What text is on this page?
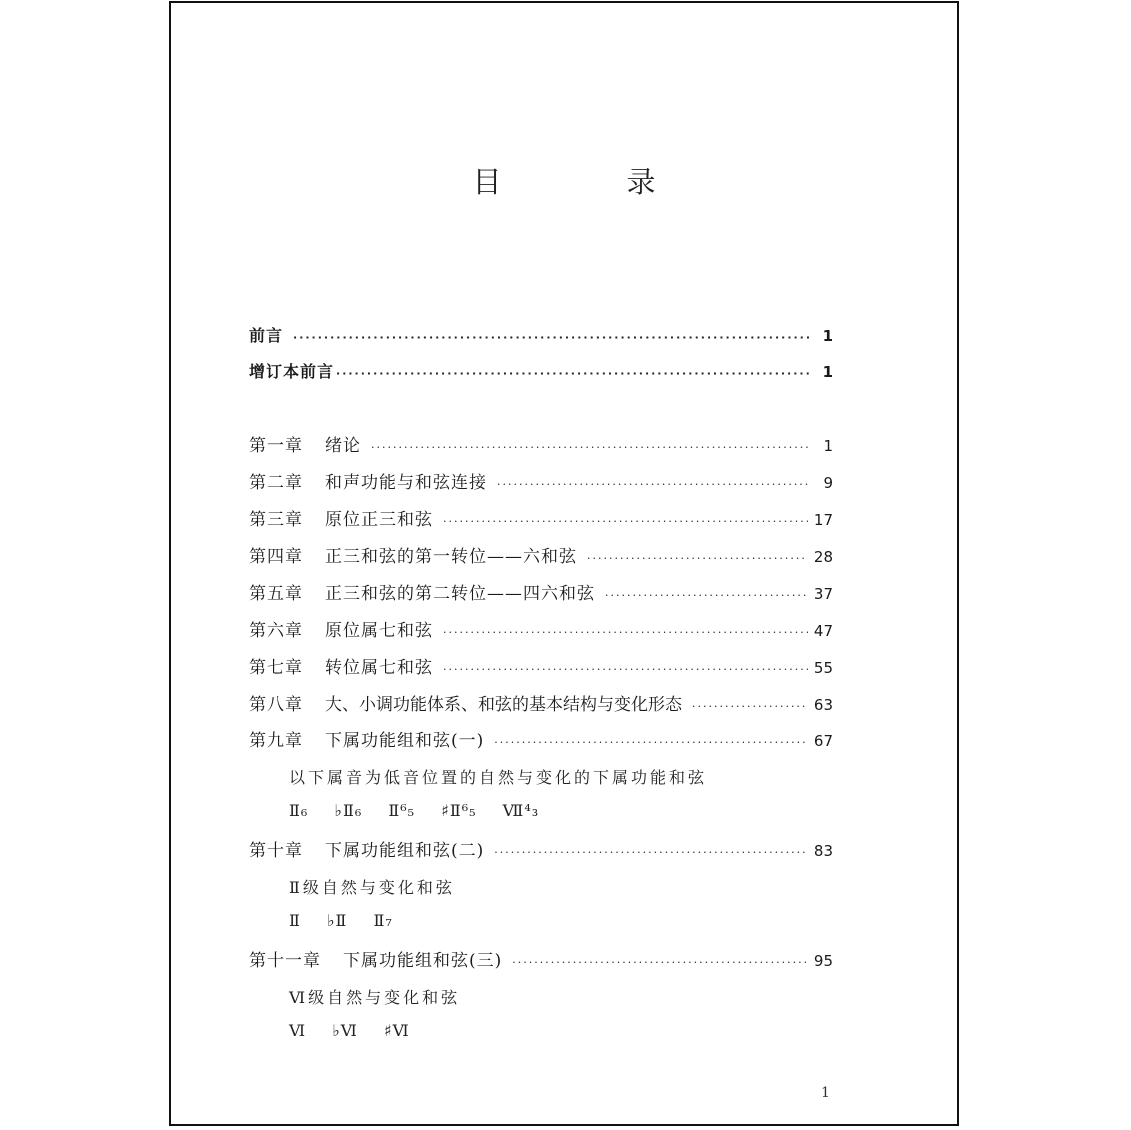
目　录
前言 ·····	1
增订本前言 ·····	1
第一章 绪论 ·····	1
第二章 和声功能与和弦连接 ·····	9
第三章 原位正三和弦 ·····	17
第四章 正三和弦的第一转位——六和弦 ·····	28
第五章 正三和弦的第二转位——四六和弦 ·····	37
第六章 原位属七和弦 ·····	47
第七章 转位属七和弦 ·····	55
第八章 大、小调功能体系、和弦的基本结构与变化形态 ·····	63
第九章 下属功能组和弦(一) ·····	67
以下属音为低音位置的自然与变化的下属功能和弦
Ⅱ₆ ♭Ⅱ₆ Ⅱ⁶₅ ♯Ⅱ⁶₅ Ⅶ⁴₃
第十章 下属功能组和弦(二) ·····	83
Ⅱ级自然与变化和弦
Ⅱ ♭Ⅱ Ⅱ₇
第十一章 下属功能组和弦(三) ·····	95
Ⅵ级自然与变化和弦
Ⅵ ♭Ⅵ ♯Ⅵ
1
